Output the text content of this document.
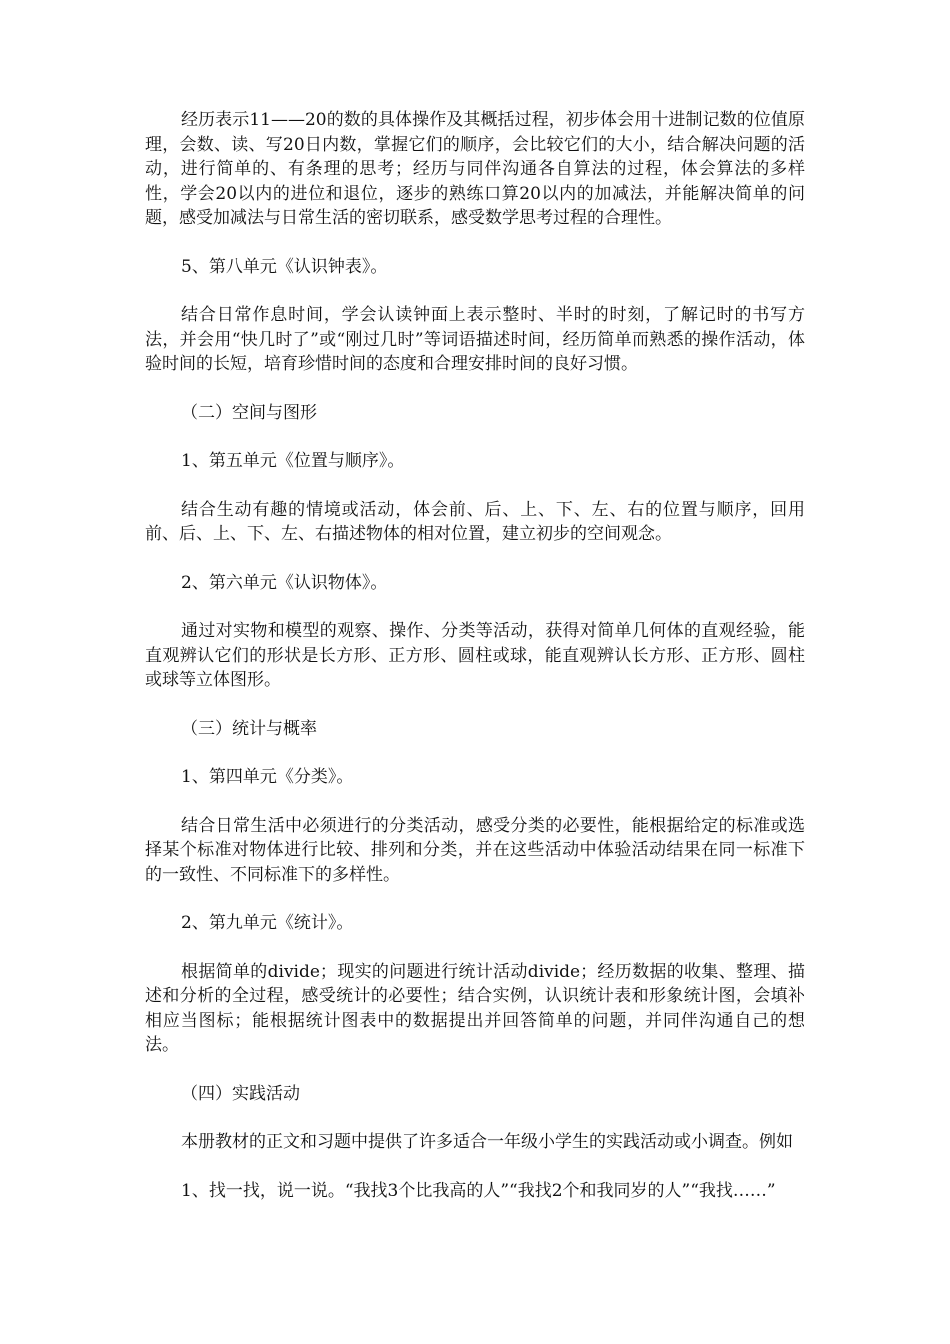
经历表示11——20的数的具体操作及其概括过程，初步体会用十进制记数的位值原理，会数、读、写20日内数，掌握它们的顺序，会比较它们的大小，结合解决问题的活动，进行简单的、有条理的思考；经历与同伴沟通各自算法的过程，体会算法的多样性，学会20以内的进位和退位，逐步的熟练口算20以内的加减法，并能解决简单的问题，感受加减法与日常生活的密切联系，感受数学思考过程的合理性。

5、第八单元《认识钟表》。

结合日常作息时间，学会认读钟面上表示整时、半时的时刻，了解记时的书写方法，并会用“快几时了”或“刚过几时”等词语描述时间，经历简单而熟悉的操作活动，体验时间的长短，培育珍惜时间的态度和合理安排时间的良好习惯。

（二）空间与图形

1、第五单元《位置与顺序》。

结合生动有趣的情境或活动，体会前、后、上、下、左、右的位置与顺序，回用前、后、上、下、左、右描述物体的相对位置，建立初步的空间观念。

2、第六单元《认识物体》。

通过对实物和模型的观察、操作、分类等活动，获得对简单几何体的直观经验，能直观辨认它们的形状是长方形、正方形、圆柱或球，能直观辨认长方形、正方形、圆柱或球等立体图形。

（三）统计与概率

1、第四单元《分类》。

结合日常生活中必须进行的分类活动，感受分类的必要性，能根据给定的标准或选择某个标准对物体进行比较、排列和分类，并在这些活动中体验活动结果在同一标准下的一致性、不同标准下的多样性。

2、第九单元《统计》。

根据简单的divide；现实的问题进行统计活动divide；经历数据的收集、整理、描述和分析的全过程，感受统计的必要性；结合实例，认识统计表和形象统计图，会填补相应当图标；能根据统计图表中的数据提出并回答简单的问题，并同伴沟通自己的想法。

（四）实践活动

本册教材的正文和习题中提供了许多适合一年级小学生的实践活动或小调查。例如

1、找一找，说一说。“我找3个比我高的人”“我找2个和我同岁的人”“我找……”
